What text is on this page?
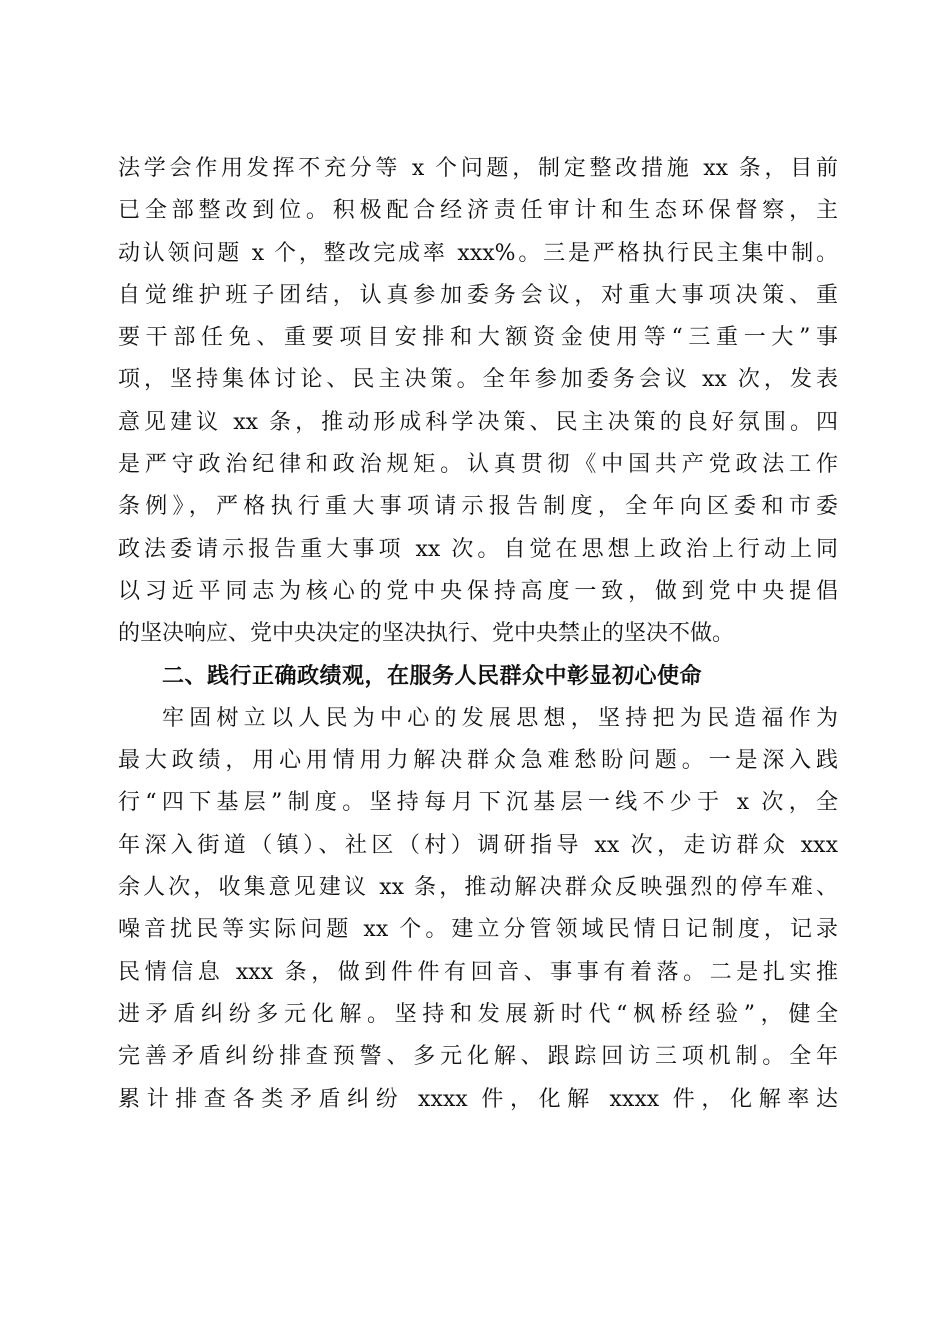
法学会作用发挥不充分等 x 个问题，制定整改措施 xx 条，目前
已全部整改到位。积极配合经济责任审计和生态环保督察，主
动认领问题 x 个，整改完成率 xxx%。三是严格执行民主集中制。
自觉维护班子团结，认真参加委务会议，对重大事项决策、重
要干部任免、重要项目安排和大额资金使用等“三重一大”事
项，坚持集体讨论、民主决策。全年参加委务会议 xx 次，发表
意见建议 xx 条，推动形成科学决策、民主决策的良好氛围。四
是严守政治纪律和政治规矩。认真贯彻《中国共产党政法工作
条例》，严格执行重大事项请示报告制度，全年向区委和市委
政法委请示报告重大事项 xx 次。自觉在思想上政治上行动上同
以习近平同志为核心的党中央保持高度一致，做到党中央提倡
的坚决响应、党中央决定的坚决执行、党中央禁止的坚决不做。
二、践行正确政绩观，在服务人民群众中彰显初心使命
牢固树立以人民为中心的发展思想，坚持把为民造福作为
最大政绩，用心用情用力解决群众急难愁盼问题。一是深入践
行“四下基层”制度。坚持每月下沉基层一线不少于 x 次，全
年深入街道（镇）、社区（村）调研指导 xx 次，走访群众 xxx
余人次，收集意见建议 xx 条，推动解决群众反映强烈的停车难、
噪音扰民等实际问题 xx 个。建立分管领域民情日记制度，记录
民情信息 xxx 条，做到件件有回音、事事有着落。二是扎实推
进矛盾纠纷多元化解。坚持和发展新时代“枫桥经验”，健全
完善矛盾纠纷排查预警、多元化解、跟踪回访三项机制。全年
累计排查各类矛盾纠纷 xxxx 件，化解 xxxx 件，化解率达
